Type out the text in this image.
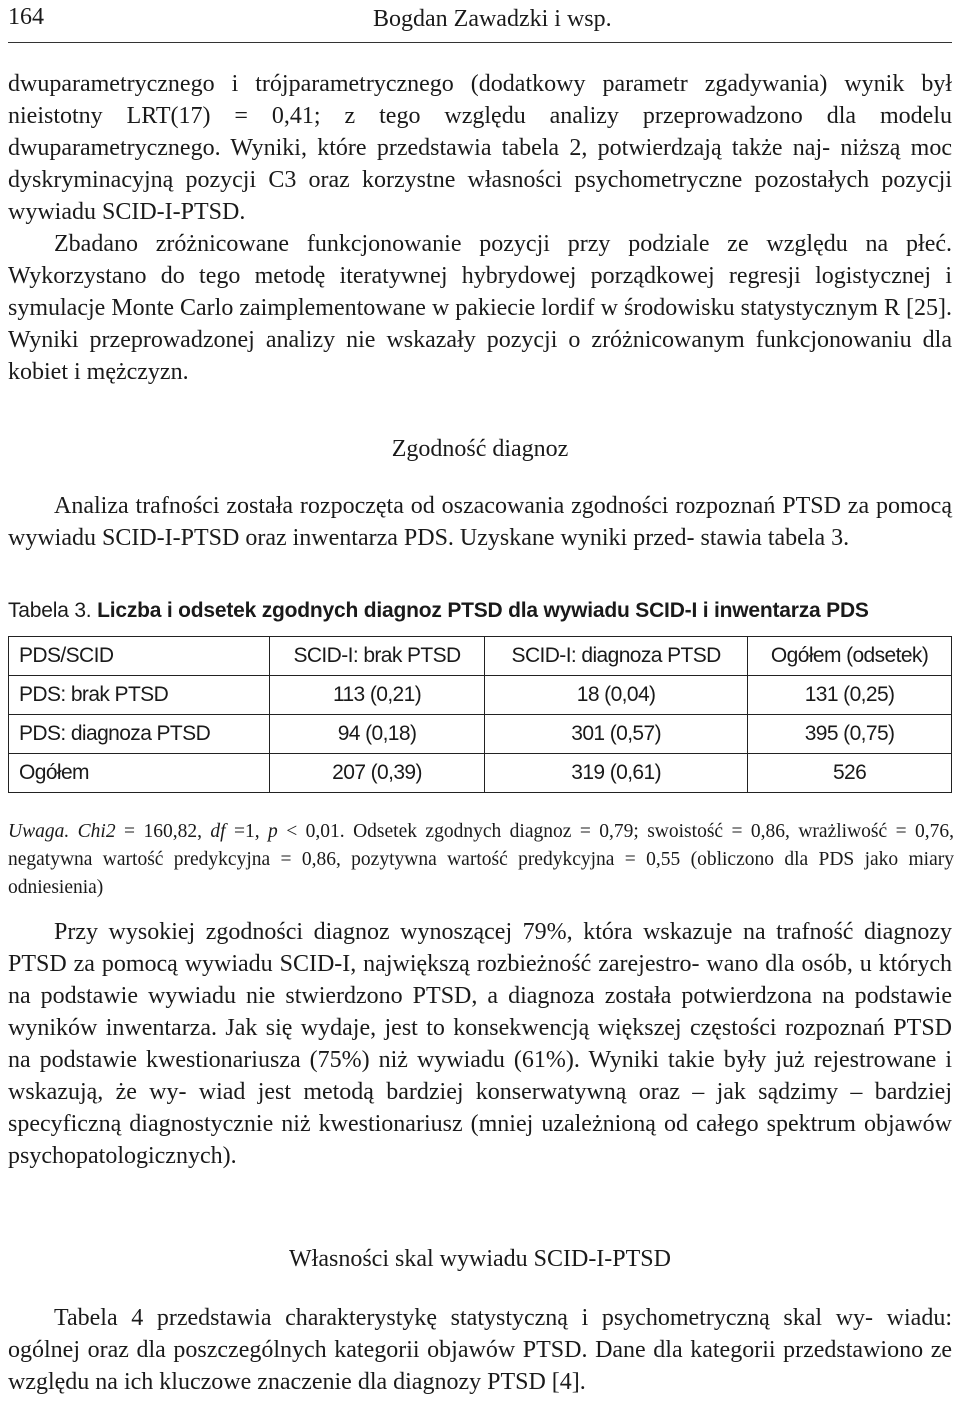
164	Bogdan Zawadzki i wsp.

dwuparametrycznego i trójparametrycznego (dodatkowy parametr zgadywania) wynik był nieistotny LRT(17) = 0,41; z tego względu analizy przeprowadzono dla modelu dwuparametrycznego. Wyniki, które przedstawia tabela 2, potwierdzają także naj- niższą moc dyskryminacyjną pozycji C3 oraz korzystne własności psychometryczne pozostałych pozycji wywiadu SCID-I-PTSD.

Zbadano zróżnicowane funkcjonowanie pozycji przy podziale ze względu na płeć. Wykorzystano do tego metodę iteratywnej hybrydowej porządkowej regresji logistycznej i symulacje Monte Carlo zaimplementowane w pakiecie lordif w środowisku statystycznym R [25]. Wyniki przeprowadzonej analizy nie wskazały pozycji o zróżnicowanym funkcjonowaniu dla kobiet i mężczyzn.

Zgodność diagnoz

Analiza trafności została rozpoczęta od oszacowania zgodności rozpoznań PTSD za pomocą wywiadu SCID-I-PTSD oraz inwentarza PDS. Uzyskane wyniki przed- stawia tabela 3.

Tabela 3. Liczba i odsetek zgodnych diagnoz PTSD dla wywiadu SCID-I i inwentarza PDS
PDS/SCID	SCID-I: brak PTSD	SCID-I: diagnoza PTSD	Ogółem (odsetek)
PDS: brak PTSD	113 (0,21)	18 (0,04)	131 (0,25)
PDS: diagnoza PTSD	94 (0,18)	301 (0,57)	395 (0,75)
Ogółem	207 (0,39)	319 (0,61)	526

Uwaga. Chi2 = 160,82, df =1, p < 0,01. Odsetek zgodnych diagnoz = 0,79; swoistość = 0,86, wrażliwość = 0,76, negatywna wartość predykcyjna = 0,86, pozytywna wartość predykcyjna = 0,55 (obliczono dla PDS jako miary odniesienia)

Przy wysokiej zgodności diagnoz wynoszącej 79%, która wskazuje na trafność diagnozy PTSD za pomocą wywiadu SCID-I, największą rozbieżność zarejestro- wano dla osób, u których na podstawie wywiadu nie stwierdzono PTSD, a diagnoza została potwierdzona na podstawie wyników inwentarza. Jak się wydaje, jest to konsekwencją większej częstości rozpoznań PTSD na podstawie kwestionariusza (75%) niż wywiadu (61%). Wyniki takie były już rejestrowane i wskazują, że wy- wiad jest metodą bardziej konserwatywną oraz – jak sądzimy – bardziej specyficzną diagnostycznie niż kwestionariusz (mniej uzależnioną od całego spektrum objawów psychopatologicznych).

Własności skal wywiadu SCID-I-PTSD

Tabela 4 przedstawia charakterystykę statystyczną i psychometryczną skal wy- wiadu: ogólnej oraz dla poszczególnych kategorii objawów PTSD. Dane dla kategorii przedstawiono ze względu na ich kluczowe znaczenie dla diagnozy PTSD [4].
